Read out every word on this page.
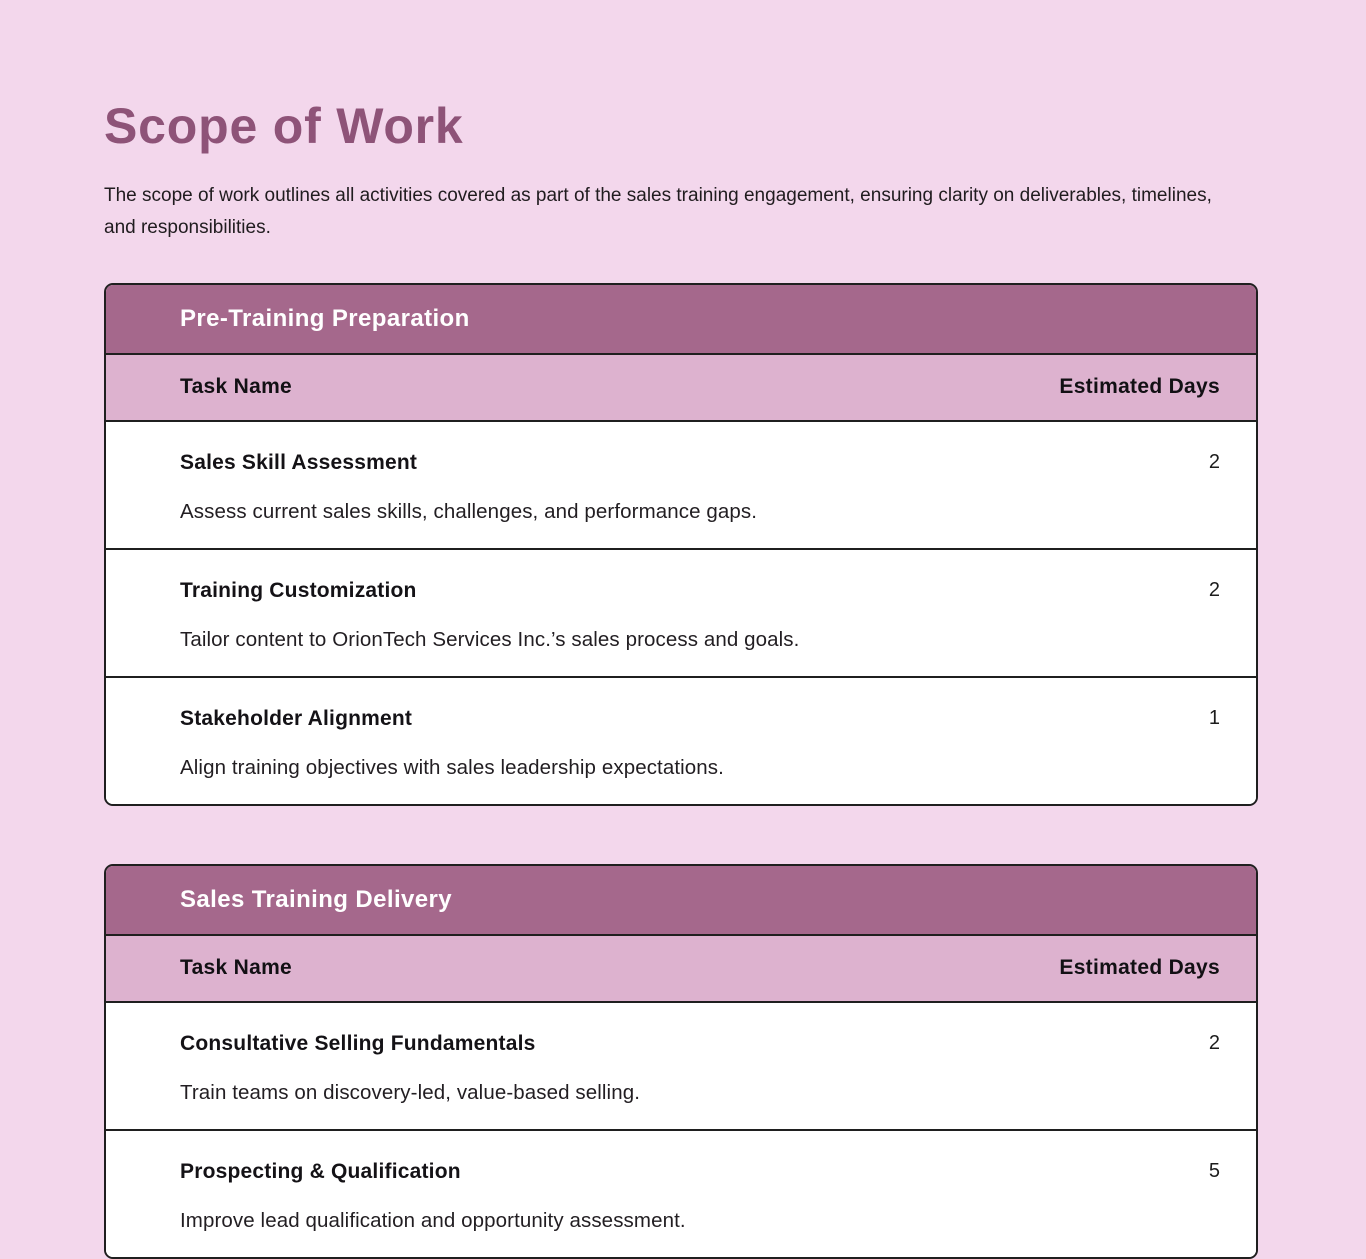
Scope of Work

The scope of work outlines all activities covered as part of the sales training engagement, ensuring clarity on deliverables, timelines, and responsibilities.

Pre-Training Preparation
Task Name	Estimated Days
Sales Skill Assessment	2
Assess current sales skills, challenges, and performance gaps.
Training Customization	2
Tailor content to OrionTech Services Inc.’s sales process and goals.
Stakeholder Alignment	1
Align training objectives with sales leadership expectations.
Sales Training Delivery
Task Name	Estimated Days
Consultative Selling Fundamentals	2
Train teams on discovery-led, value-based selling.
Prospecting & Qualification	5
Improve lead qualification and opportunity assessment.
